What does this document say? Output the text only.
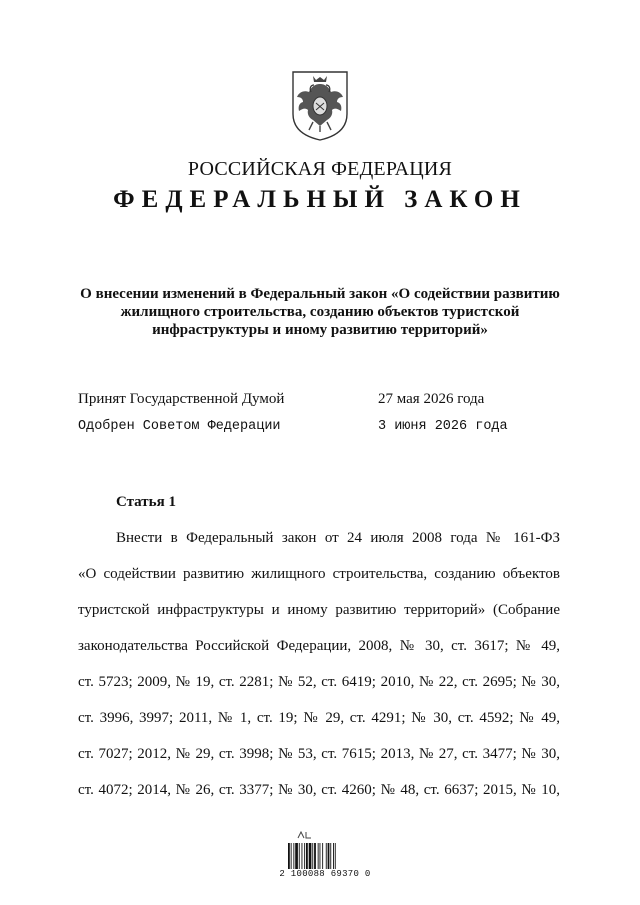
РОССИЙСКАЯ ФЕДЕРАЦИЯ
ФЕДЕРАЛЬНЫЙ ЗАКОН
О внесении изменений в Федеральный закон «О содействии развитию
жилищного строительства, созданию объектов туристской
инфраструктуры и иному развитию территорий»
Принят Государственной Думой	27 мая 2026 года
Одобрен Советом Федерации	3 июня 2026 года
Статья 1
Внести в Федеральный закон от 24 июля 2008 года № 161-ФЗ
«О содействии развитию жилищного строительства, созданию объектов
туристской инфраструктуры и иному развитию территорий» (Собрание
законодательства Российской Федерации, 2008, № 30, ст. 3617; № 49,
ст. 5723; 2009, № 19, ст. 2281; № 52, ст. 6419; 2010, № 22, ст. 2695; № 30,
ст. 3996, 3997; 2011, № 1, ст. 19; № 29, ст. 4291; № 30, ст. 4592; № 49,
ст. 7027; 2012, № 29, ст. 3998; № 53, ст. 7615; 2013, № 27, ст. 3477; № 30,
ст. 4072; 2014, № 26, ст. 3377; № 30, ст. 4260; № 48, ст. 6637; 2015, № 10,
2 100088 69370 0
